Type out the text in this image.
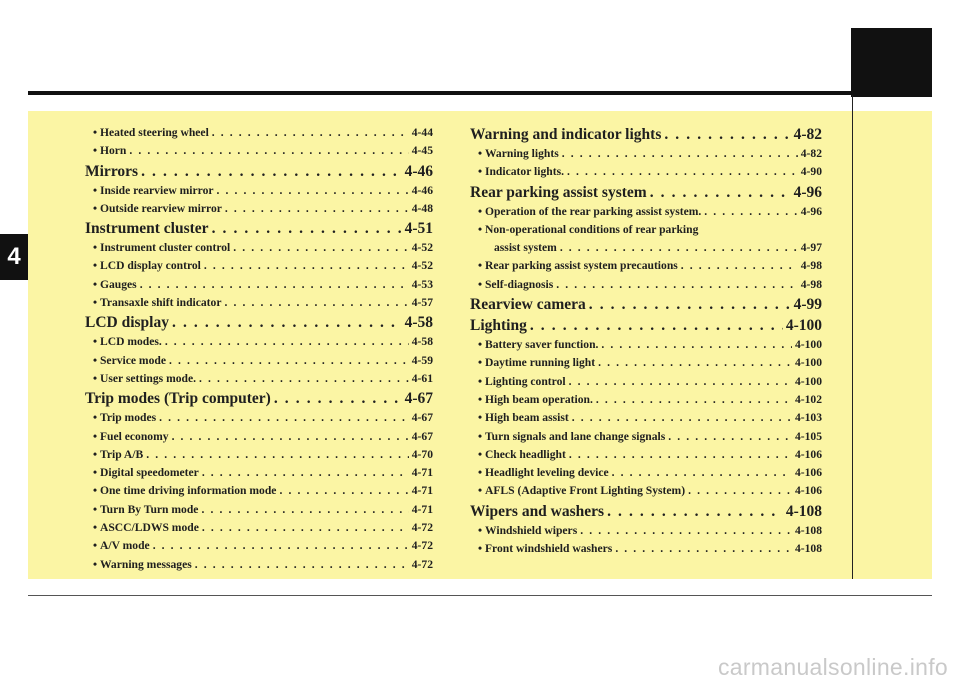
4
• Heated steering wheel . . .	4-44
• Horn . . .	4-45
Mirrors . . .	4-46
• Inside rearview mirror . . .	4-46
• Outside rearview mirror . . .	4-48
Instrument cluster . . .	4-51
• Instrument cluster control . . .	4-52
• LCD display control . . .	4-52
• Gauges . . .	4-53
• Transaxle shift indicator . . .	4-57
LCD display . . .	4-58
• LCD modes. . . .	4-58
• Service mode . . .	4-59
• User settings mode. . . .	4-61
Trip modes (Trip computer) . . .	4-67
• Trip modes . . .	4-67
• Fuel economy . . .	4-67
• Trip A/B . . .	4-70
• Digital speedometer . . .	4-71
• One time driving information mode . . .	4-71
• Turn By Turn mode . . .	4-71
• ASCC/LDWS mode . . .	4-72
• A/V mode . . .	4-72
• Warning messages . . .	4-72
Warning and indicator lights . . .	4-82
• Warning lights . . .	4-82
• Indicator lights. . . .	4-90
Rear parking assist system . . .	4-96
• Operation of the rear parking assist system. . . .	4-96
• Non-operational conditions of rear parking
assist system . . .	4-97
• Rear parking assist system precautions . . .	4-98
• Self-diagnosis . . .	4-98
Rearview camera . . .	4-99
Lighting . . .	4-100
• Battery saver function. . . .	4-100
• Daytime running light . . .	4-100
• Lighting control . . .	4-100
• High beam operation. . . .	4-102
• High beam assist . . .	4-103
• Turn signals and lane change signals . . .	4-105
• Check headlight . . .	4-106
• Headlight leveling device . . .	4-106
• AFLS (Adaptive Front Lighting System) . . .	4-106
Wipers and washers . . .	4-108
• Windshield wipers . . .	4-108
• Front windshield washers . . .	4-108
carmanualsonline.info
